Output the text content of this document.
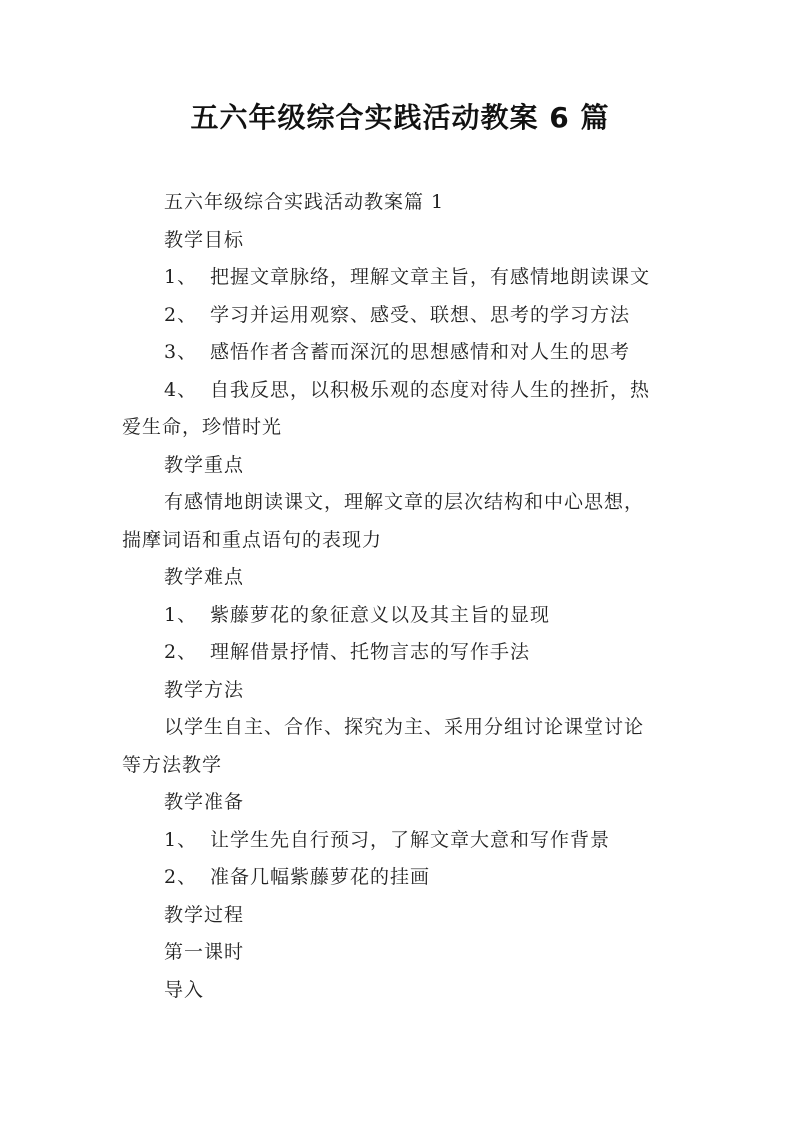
五六年级综合实践活动教案 6 篇

五六年级综合实践活动教案篇 1

教学目标

1、 把握文章脉络，理解文章主旨，有感情地朗读课文

2、 学习并运用观察、感受、联想、思考的学习方法

3、 感悟作者含蓄而深沉的思想感情和对人生的思考

4、 自我反思，以积极乐观的态度对待人生的挫折，热

爱生命，珍惜时光

教学重点

有感情地朗读课文，理解文章的层次结构和中心思想，

揣摩词语和重点语句的表现力

教学难点

1、 紫藤萝花的象征意义以及其主旨的显现

2、 理解借景抒情、托物言志的写作手法

教学方法

以学生自主、合作、探究为主、采用分组讨论课堂讨论

等方法教学

教学准备

1、 让学生先自行预习，了解文章大意和写作背景

2、 准备几幅紫藤萝花的挂画

教学过程

第一课时

导入
